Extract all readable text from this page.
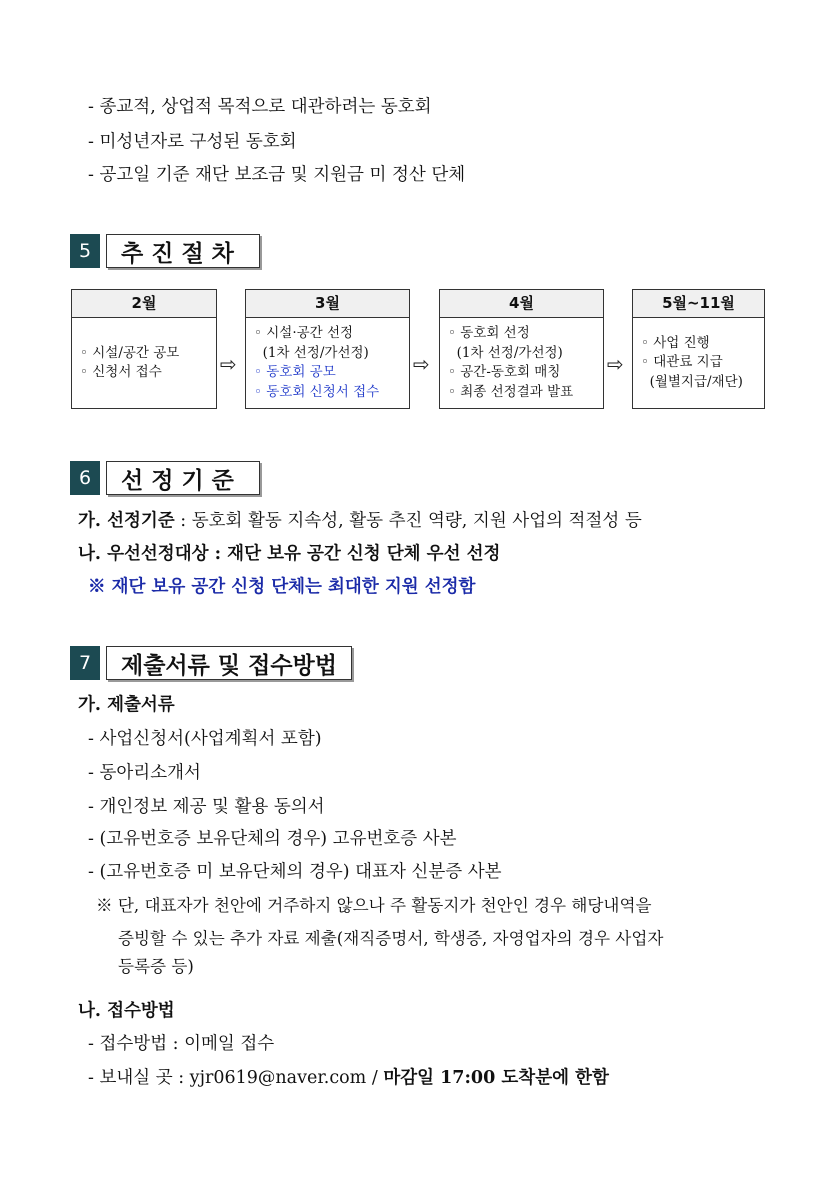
- 종교적, 상업적 목적으로 대관하려는 동호회
- 미성년자로 구성된 동호회
- 공고일 기준 재단 보조금 및 지원금 미 정산 단체
5	추 진 절 차
2월
◦ 시설/공간 공모
◦ 신청서 접수	⇨
3월
◦ 시설·공간 선정
(1차 선정/가선정)
◦ 동호회 공모
◦ 동호회 신청서 접수
⇨
4월
◦ 동호회 선정
(1차 선정/가선정)
◦ 공간-동호회 매칭
◦ 최종 선정결과 발표
⇨
5월~11월
◦ 사업 진행
◦ 대관료 지급
(월별지급/재단)
6	선 정 기 준
가. 선정기준 : 동호회 활동 지속성, 활동 추진 역량, 지원 사업의 적절성 등
나. 우선선정대상 : 재단 보유 공간 신청 단체 우선 선정
※ 재단 보유 공간 신청 단체는 최대한 지원 선정함
7	제출서류 및 접수방법
가. 제출서류
- 사업신청서(사업계획서 포함)
- 동아리소개서
- 개인정보 제공 및 활용 동의서
- (고유번호증 보유단체의 경우) 고유번호증 사본
- (고유번호증 미 보유단체의 경우) 대표자 신분증 사본
※ 단, 대표자가 천안에 거주하지 않으나 주 활동지가 천안인 경우 해당내역을
증빙할 수 있는 추가 자료 제출(재직증명서, 학생증, 자영업자의 경우 사업자
등록증 등)
나. 접수방법
- 접수방법 : 이메일 접수
- 보내실 곳 : yjr0619@naver.com / 마감일 17:00 도착분에 한함
